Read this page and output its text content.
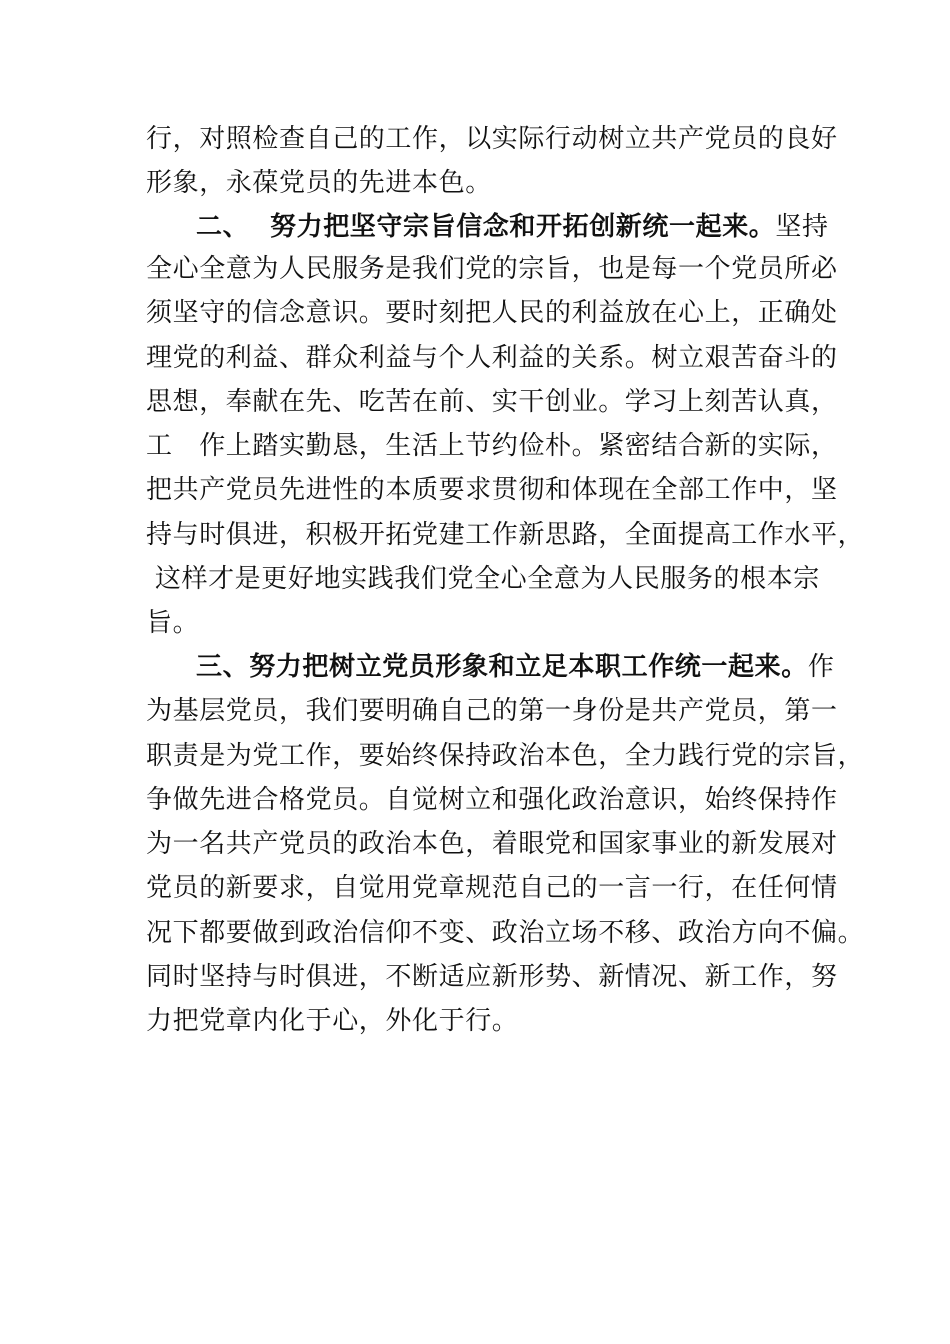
行，对照检查自己的工作，以实际行动树立共产党员的良好
形象，永葆党员的先进本色。
二、 努力把坚守宗旨信念和开拓创新统一起来。坚持
全心全意为人民服务是我们党的宗旨，也是每一个党员所必
须坚守的信念意识。要时刻把人民的利益放在心上，正确处
理党的利益、群众利益与个人利益的关系。树立艰苦奋斗的
思想，奉献在先、吃苦在前、实干创业。学习上刻苦认真，
工　作上踏实勤恳，生活上节约俭朴。紧密结合新的实际，
把共产党员先进性的本质要求贯彻和体现在全部工作中，坚
持与时俱进，积极开拓党建工作新思路，全面提高工作水平，
这样才是更好地实践我们党全心全意为人民服务的根本宗
旨。
三、努力把树立党员形象和立足本职工作统一起来。作
为基层党员，我们要明确自己的第一身份是共产党员，第一
职责是为党工作，要始终保持政治本色，全力践行党的宗旨，
争做先进合格党员。自觉树立和强化政治意识，始终保持作
为一名共产党员的政治本色，着眼党和国家事业的新发展对
党员的新要求，自觉用党章规范自己的一言一行，在任何情
况下都要做到政治信仰不变、政治立场不移、政治方向不偏。
同时坚持与时俱进，不断适应新形势、新情况、新工作，努
力把党章内化于心，外化于行。
